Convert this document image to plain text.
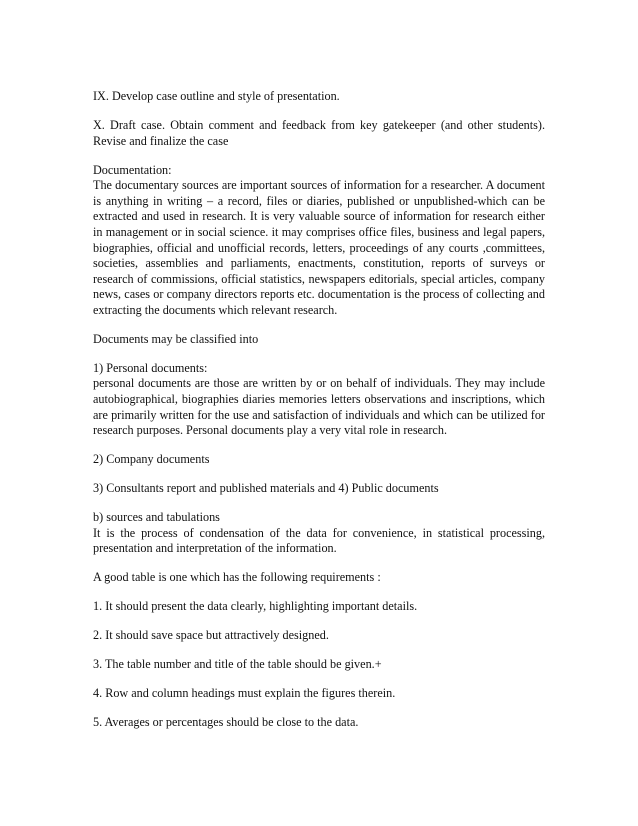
IX. Develop case outline and style of presentation.

X. Draft case. Obtain comment and feedback from key gatekeeper (and other students). Revise and finalize the case

Documentation:
The documentary sources are important sources of information for a researcher. A document is anything in writing – a record, files or diaries, published or unpublished-which can be extracted and used in research. It is very valuable source of information for research either in management or in social science. it may comprises office files, business and legal papers, biographies, official and unofficial records, letters, proceedings of any courts ,committees, societies, assemblies and parliaments, enactments, constitution, reports of surveys or research of commissions, official statistics, newspapers editorials, special articles, company news, cases or company directors reports etc. documentation is the process of collecting and extracting the documents which relevant research.

Documents may be classified into

1) Personal documents:
personal documents are those are written by or on behalf of individuals. They may include autobiographical, biographies diaries memories letters observations and inscriptions, which are primarily written for the use and satisfaction of individuals and which can be utilized for research purposes. Personal documents play a very vital role in research.

2) Company documents

3) Consultants report and published materials and 4) Public documents

b) sources and tabulations
It is the process of condensation of the data for convenience, in statistical processing, presentation and interpretation of the information.

A good table is one which has the following requirements :

1. It should present the data clearly, highlighting important details.

2. It should save space but attractively designed.

3. The table number and title of the table should be given.+

4. Row and column headings must explain the figures therein.

5. Averages or percentages should be close to the data.
